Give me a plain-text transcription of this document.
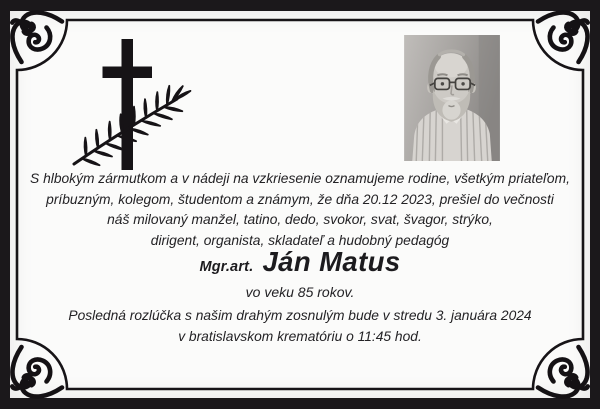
S hlbokým zármutkom a v nádeji na vzkriesenie oznamujeme rodine, všetkým priateľom,
príbuzným, kolegom, študentom a známym, že dňa 20.12 2023, prešiel do večnosti
náš milovaný manžel, tatino, dedo, svokor, svat, švagor, strýko,
dirigent, organista, skladateľ a hudobný pedagóg
Mgr.art. Ján Matus
vo veku 85 rokov.
Posledná rozlúčka s našim drahým zosnulým bude v stredu 3. januára 2024
v bratislavskom krematóriu o 11:45 hod.
